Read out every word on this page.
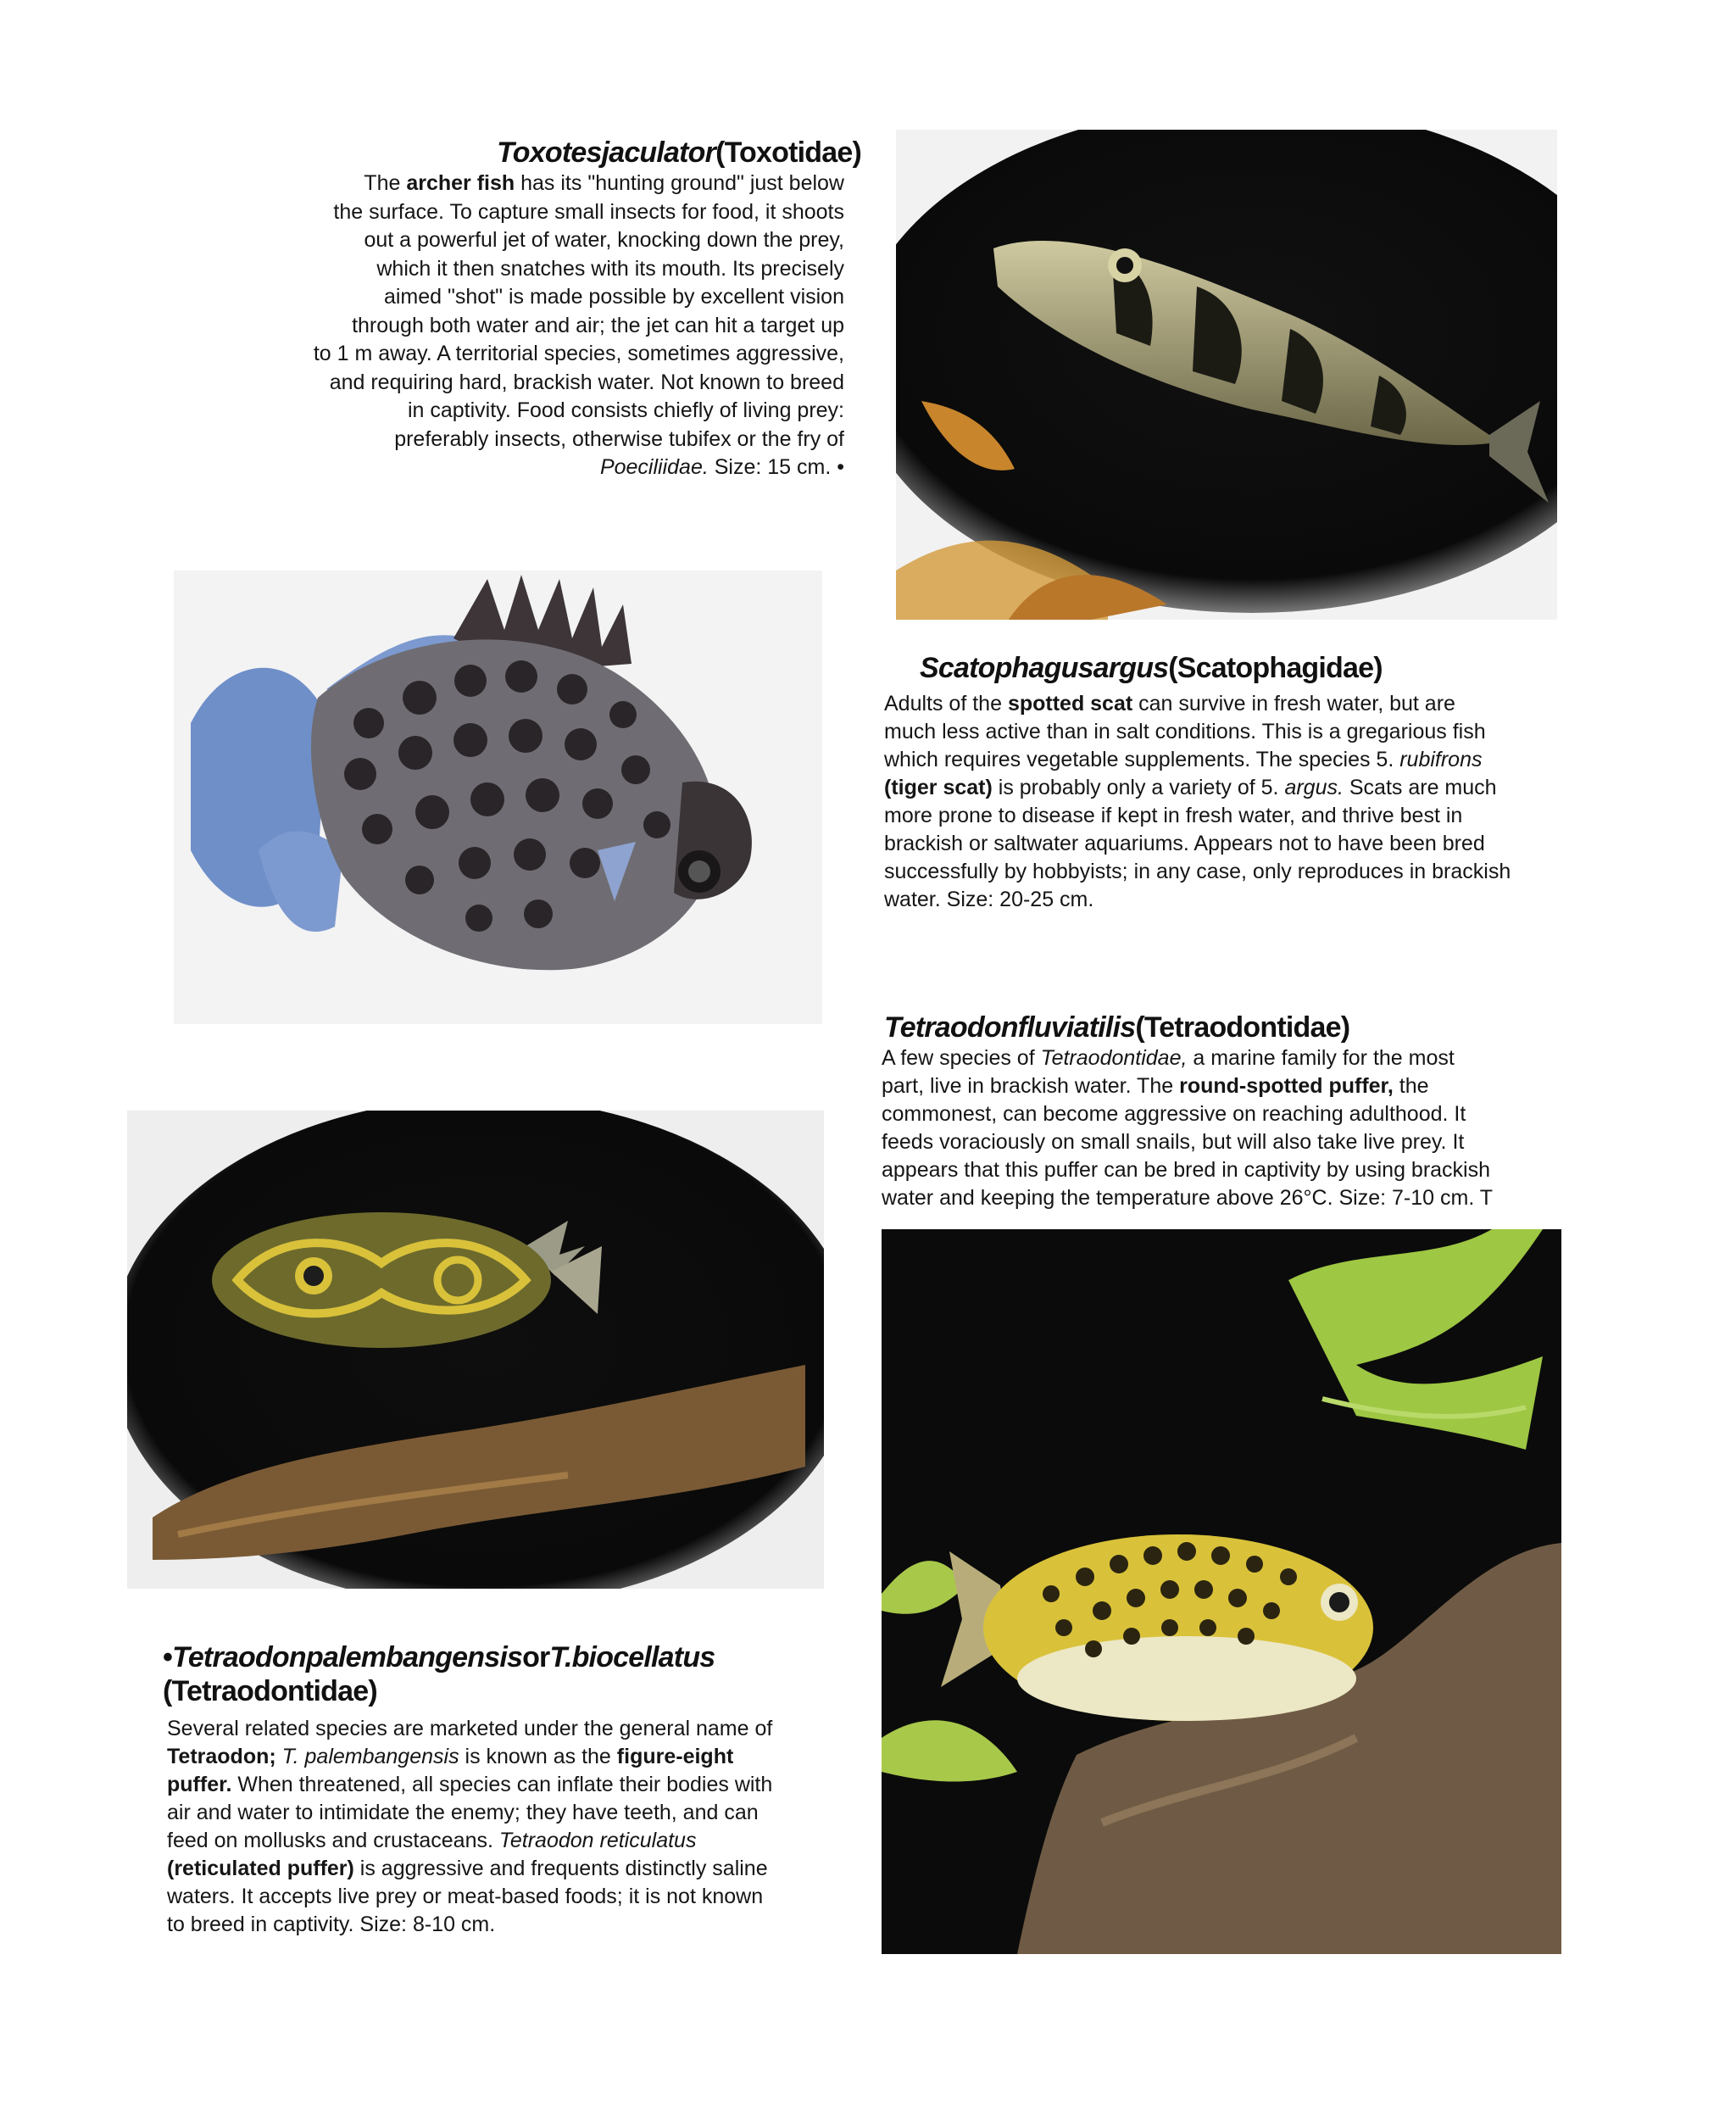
Toxotesjaculator(Toxotidae)

The archer fish has its "hunting ground" just below
the surface. To capture small insects for food, it shoots
out a powerful jet of water, knocking down the prey,
which it then snatches with its mouth. Its precisely
aimed "shot" is made possible by excellent vision
through both water and air; the jet can hit a target up
to 1 m away. A territorial species, sometimes aggressive,
and requiring hard, brackish water. Not known to breed
in captivity. Food consists chiefly of living prey:
preferably insects, otherwise tubifex or the fry of
Poeciliidae. Size: 15 cm. •

Scatophagusargus(Scatophagidae)

Adults of the spotted scat can survive in fresh water, but are
much less active than in salt conditions. This is a gregarious fish
which requires vegetable supplements. The species 5. rubifrons
(tiger scat) is probably only a variety of 5. argus. Scats are much
more prone to disease if kept in fresh water, and thrive best in
brackish or saltwater aquariums. Appears not to have been bred
successfully by hobbyists; in any case, only reproduces in brackish
water. Size: 20-25 cm.

Tetraodonfluviatilis(Tetraodontidae)

A few species of Tetraodontidae, a marine family for the most
part, live in brackish water. The round-spotted puffer, the
commonest, can become aggressive on reaching adulthood. It
feeds voraciously on small snails, but will also take live prey. It
appears that this puffer can be bred in captivity by using brackish
water and keeping the temperature above 26°C. Size: 7-10 cm. T

•TetraodonpalembangensisorT.biocellatus
(Tetraodontidae)

Several related species are marketed under the general name of
Tetraodon; T. palembangensis is known as the figure-eight
puffer. When threatened, all species can inflate their bodies with
air and water to intimidate the enemy; they have teeth, and can
feed on mollusks and crustaceans. Tetraodon reticulatus
(reticulated puffer) is aggressive and frequents distinctly saline
waters. It accepts live prey or meat-based foods; it is not known
to breed in captivity. Size: 8-10 cm.
